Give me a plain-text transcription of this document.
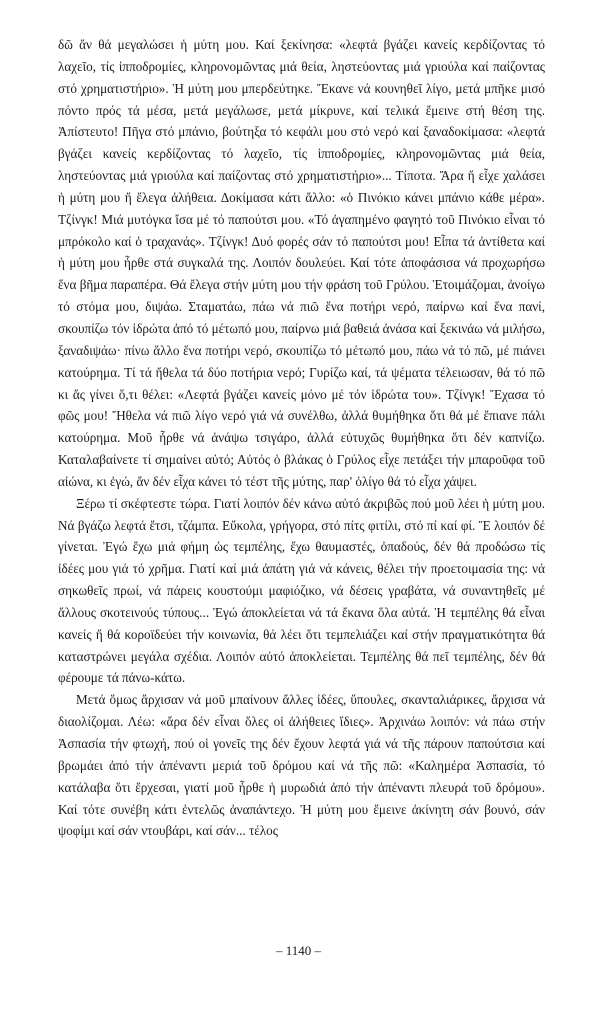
δῶ ἄν θά μεγαλώσει ἡ μύτη μου. Καί ξεκίνησα: «λεφτά βγάζει κανείς κερδίζοντας τό λαχεῖο, τίς ἱπποδρομίες, κληρονομῶντας μιά θεία, ληστεύοντας μιά γριούλα καί παίζοντας στό χρηματιστήριο». Ἡ μύτη μου μπερδεύτηκε. Ἔκανε νά κουνηθεῖ λίγο, μετά μπῆκε μισό πόντο πρός τά μέσα, μετά μεγάλωσε, μετά μίκρυνε, καί τελικά ἔμεινε στή θέση της. Ἀπίστευτο! Πῆγα στό μπάνιο, βούτηξα τό κεφάλι μου στό νερό καί ξαναδοκίμασα: «λεφτά βγάζει κανείς κερδίζοντας τό λαχεῖο, τίς ἱπποδρομίες, κληρονομῶντας μιά θεία, ληστεύοντας μιά γριούλα καί παίζοντας στό χρηματιστήριο»... Τίποτα. Ἄρα ἤ εἶχε χαλάσει ἡ μύτη μου ἤ ἔλεγα ἀλήθεια. Δοκίμασα κάτι ἄλλο: «ὁ Πινόκιο κάνει μπάνιο κάθε μέρα». Τζίνγκ! Μιά μυτόγκα ἴσα μέ τό παπούτσι μου. «Τό ἀγαπημένο φαγητό τοῦ Πινόκιο εἶναι τό μπρόκολο καί ὁ τραχανάς». Τζίνγκ! Δυό φορές σάν τό παπούτσι μου! Εἶπα τά ἀντίθετα καί ἡ μύτη μου ἦρθε στά συγκαλά της. Λοιπόν δουλεύει. Καί τότε ἀποφάσισα νά προχωρήσω ἕνα βῆμα παραπέρα. Θά ἔλεγα στήν μύτη μου τήν φράση τοῦ Γρύλου. Ἑτοιμάζομαι, ἀνοίγω τό στόμα μου, διψάω. Σταματάω, πάω νά πιῶ ἕνα ποτήρι νερό, παίρνω καί ἕνα πανί, σκουπίζω τόν ἱδρώτα ἀπό τό μέτωπό μου, παίρνω μιά βαθειά ἀνάσα καί ξεκινάω νά μιλήσω, ξαναδιψάω· πίνω ἄλλο ἕνα ποτήρι νερό, σκουπίζω τό μέτωπό μου, πάω νά τό πῶ, μέ πιάνει κατούρημα. Τί τά ἤθελα τά δύο ποτήρια νερό; Γυρίζω καί, τά ψέματα τέλειωσαν, θά τό πῶ κι ἄς γίνει ὅ,τι θέλει: «Λεφτά βγάζει κανείς μόνο μέ τόν ἱδρώτα του». Τζίνγκ! Ἔχασα τό φῶς μου! Ἤθελα νά πιῶ λίγο νερό γιά νά συνέλθω, ἀλλά θυμήθηκα ὅτι θά μέ ἔπιανε πάλι κατούρημα. Μοῦ ἦρθε νά ἀνάψω τσιγάρο, ἀλλά εὐτυχῶς θυμήθηκα ὅτι δέν καπνίζω. Καταλαβαίνετε τί σημαίνει αὐτό; Αὐτός ὁ βλάκας ὁ Γρύλος εἶχε πετάξει τήν μπαροῦφα τοῦ αἰώνα, κι ἐγώ, ἄν δέν εἶχα κάνει τό τέστ τῆς μύτης, παρ' ὀλίγο θά τό εἶχα χάψει.

Ξέρω τί σκέφτεστε τώρα. Γιατί λοιπόν δέν κάνω αὐτό ἀκριβῶς πού μοῦ λέει ἡ μύτη μου. Νά βγάζω λεφτά ἔτσι, τζάμπα. Εὔκολα, γρήγορα, στό πίτς φιτίλι, στό πί καί φί. Ἔ λοιπόν δέ γίνεται. Ἐγώ ἔχω μιά φήμη ὡς τεμπέλης, ἔχω θαυμαστές, ὀπαδούς, δέν θά προδώσω τίς ἰδέες μου γιά τό χρῆμα. Γιατί καί μιά ἀπάτη γιά νά κάνεις, θέλει τήν προετοιμασία της: νά σηκωθεῖς πρωί, νά πάρεις κουστούμι μαφιόζικο, νά δέσεις γραβάτα, νά συναντηθεῖς μέ ἄλλους σκοτεινούς τύπους... Ἐγώ ἀποκλείεται νά τά ἔκανα ὅλα αὐτά. Ἡ τεμπέλης θά εἶναι κανείς ἤ θά κοροϊδεύει τήν κοινωνία, θά λέει ὅτι τεμπελιάζει καί στήν πραγματικότητα θά καταστρώνει μεγάλα σχέδια. Λοιπόν αὐτό ἀποκλείεται. Τεμπέλης θά πεῖ τεμπέλης, δέν θά φέρουμε τά πάνω-κάτω.

Μετά ὅμως ἄρχισαν νά μοῦ μπαίνουν ἄλλες ἰδέες, ὕπουλες, σκανταλιάρικες, ἄρχισα νά διαολίζομαι. Λέω: «ἄρα δέν εἶναι ὅλες οἱ ἀλήθειες ἴδιες». Ἀρχινάω λοιπόν: νά πάω στήν Ἀσπασία τήν φτωχή, πού οἱ γονεῖς της δέν ἔχουν λεφτά γιά νά τῆς πάρουν παπούτσια καί βρωμάει ἀπό τήν ἀπέναντι μεριά τοῦ δρόμου καί νά τῆς πῶ: «Καλημέρα Ἀσπασία, τό κατάλαβα ὅτι ἔρχεσαι, γιατί μοῦ ἦρθε ἡ μυρωδιά ἀπό τήν ἀπέναντι πλευρά τοῦ δρόμου». Καί τότε συνέβη κάτι ἐντελῶς ἀναπάντεχο. Ἡ μύτη μου ἔμεινε ἀκίνητη σάν βουνό, σάν ψοφίμι καί σάν ντουβάρι, καί σάν... τέλος

– 1140 –
